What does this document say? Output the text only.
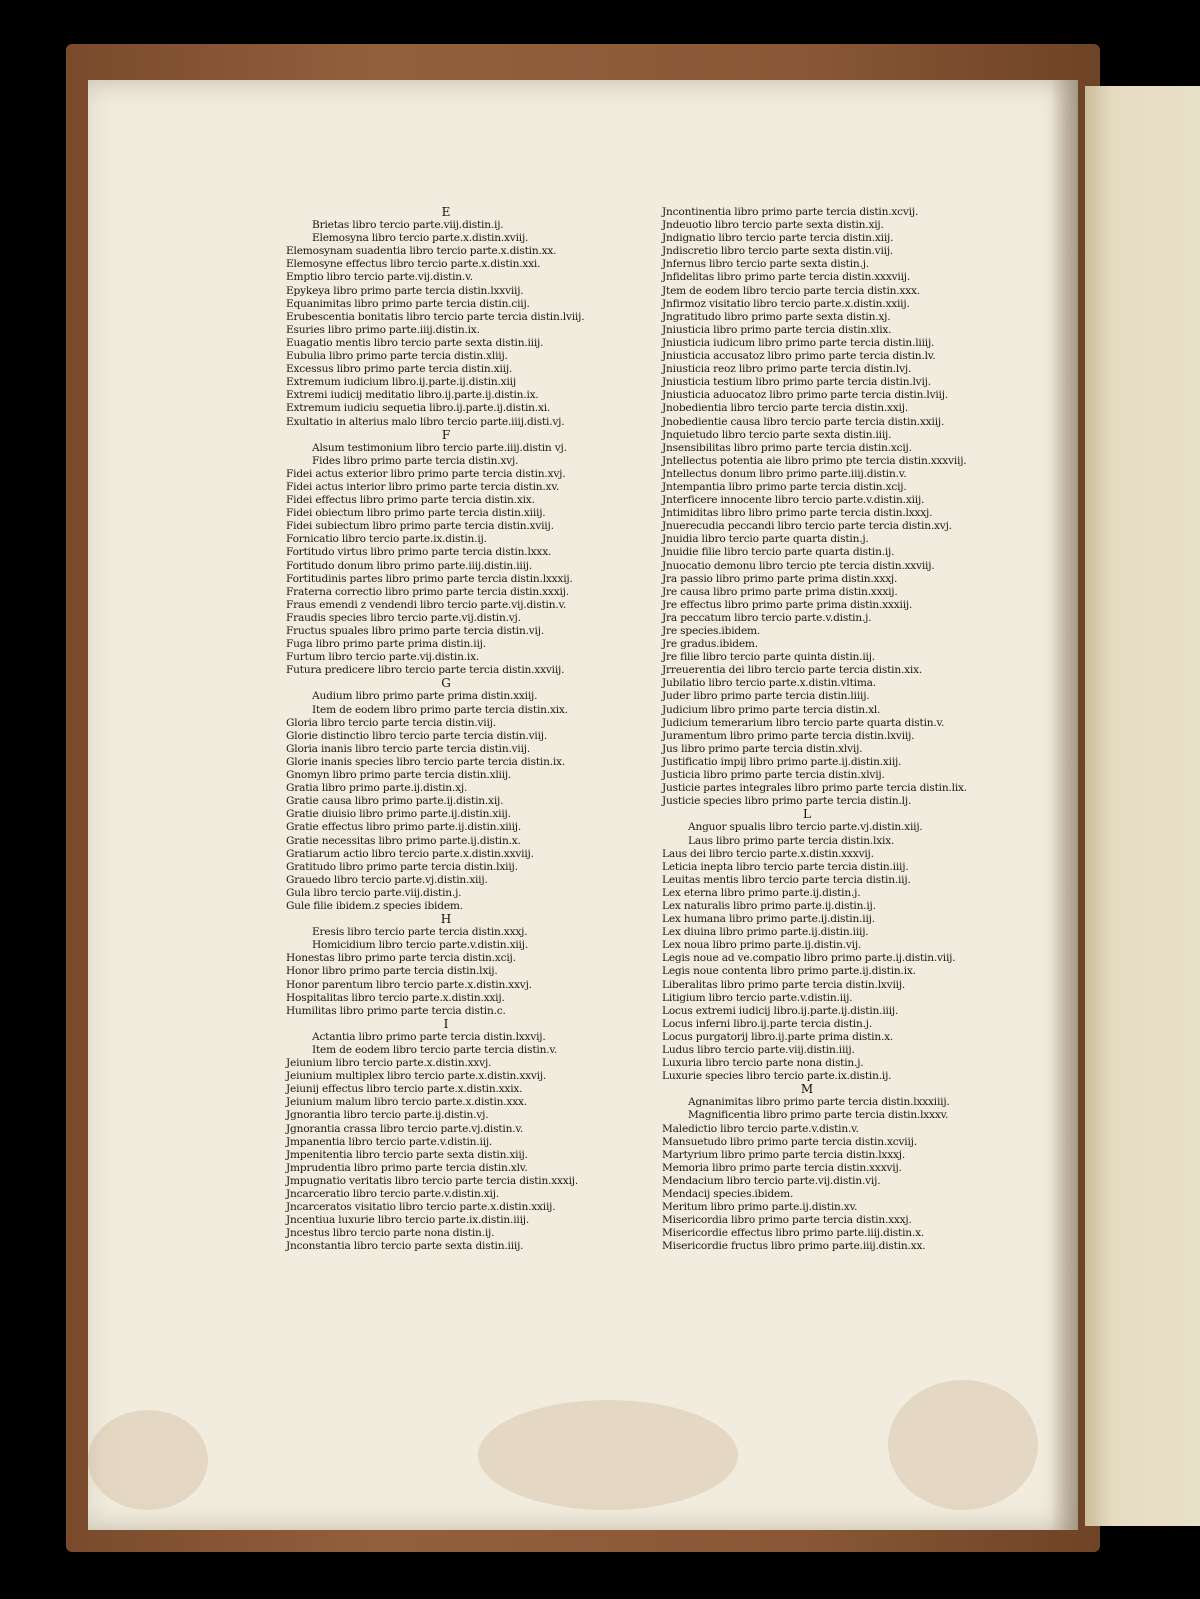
E
Brietas libro tercio parte.viij.distin.ij.
Elemosyna libro tercio parte.x.distin.xviij.
Elemosynam suadentia libro tercio parte.x.distin.xx.
Elemosyne effectus libro tercio parte.x.distin.xxi.
Emptio libro tercio parte.vij.distin.v.
Epykeya libro primo parte tercia distin.lxxviij.
Equanimitas libro primo parte tercia distin.ciij.
Erubescentia bonitatis libro tercio parte tercia distin.lviij.
Esuries libro primo parte.iiij.distin.ix.
Euagatio mentis libro tercio parte sexta distin.iiij.
Eubulia libro primo parte tercia distin.xliij.
Excessus libro primo parte tercia distin.xiij.
Extremum iudicium libro.ij.parte.ij.distin.xiij
Extremi iudicij meditatio libro.ij.parte.ij.distin.ix.
Extremum iudiciu sequetia libro.ij.parte.ij.distin.xi.
Exultatio in alterius malo libro tercio parte.iiij.disti.vj.
F
Alsum testimonium libro tercio parte.iiij.distin vj.
Fides libro primo parte tercia distin.xvj.
Fidei actus exterior libro primo parte tercia distin.xvj.
Fidei actus interior libro primo parte tercia distin.xv.
Fidei effectus libro primo parte tercia distin.xix.
Fidei obiectum libro primo parte tercia distin.xiiij.
Fidei subiectum libro primo parte tercia distin.xviij.
Fornicatio libro tercio parte.ix.distin.ij.
Fortitudo virtus libro primo parte tercia distin.lxxx.
Fortitudo donum libro primo parte.iiij.distin.iiij.
Fortitudinis partes libro primo parte tercia distin.lxxxij.
Fraterna correctio libro primo parte tercia distin.xxxij.
Fraus emendi z vendendi libro tercio parte.vij.distin.v.
Fraudis species libro tercio parte.vij.distin.vj.
Fructus spuales libro primo parte tercia distin.vij.
Fuga libro primo parte prima distin.iij.
Furtum libro tercio parte.vij.distin.ix.
Futura predicere libro tercio parte tercia distin.xxviij.
G
Audium libro primo parte prima distin.xxiij.
Item de eodem libro primo parte tercia distin.xix.
Gloria libro tercio parte tercia distin.viij.
Glorie distinctio libro tercio parte tercia distin.viij.
Gloria inanis libro tercio parte tercia distin.viij.
Glorie inanis species libro tercio parte tercia distin.ix.
Gnomyn libro primo parte tercia distin.xliij.
Gratia libro primo parte.ij.distin.xj.
Gratie causa libro primo parte.ij.distin.xij.
Gratie diuisio libro primo parte.ij.distin.xiij.
Gratie effectus libro primo parte.ij.distin.xiiij.
Gratie necessitas libro primo parte.ij.distin.x.
Gratiarum actio libro tercio parte.x.distin.xxviij.
Gratitudo libro primo parte tercia distin.lxiij.
Grauedo libro tercio parte.vj.distin.xiij.
Gula libro tercio parte.viij.distin.j.
Gule filie ibidem.z species ibidem.
H
Eresis libro tercio parte tercia distin.xxxj.
Homicidium libro tercio parte.v.distin.xiij.
Honestas libro primo parte tercia distin.xcij.
Honor libro primo parte tercia distin.lxij.
Honor parentum libro tercio parte.x.distin.xxvj.
Hospitalitas libro tercio parte.x.distin.xxij.
Humilitas libro primo parte tercia distin.c.
I
Actantia libro primo parte tercia distin.lxxvij.
Item de eodem libro tercio parte tercia distin.v.
Jeiunium libro tercio parte.x.distin.xxvj.
Jeiunium multiplex libro tercio parte.x.distin.xxvij.
Jeiunij effectus libro tercio parte.x.distin.xxix.
Jeiunium malum libro tercio parte.x.distin.xxx.
Jgnorantia libro tercio parte.ij.distin.vj.
Jgnorantia crassa libro tercio parte.vj.distin.v.
Jmpanentia libro tercio parte.v.distin.iij.
Jmpenitentia libro tercio parte sexta distin.xiij.
Jmprudentia libro primo parte tercia distin.xlv.
Jmpugnatio veritatis libro tercio parte tercia distin.xxxij.
Jncarceratio libro tercio parte.v.distin.xij.
Jncarceratos visitatio libro tercio parte.x.distin.xxiij.
Jncentiua luxurie libro tercio parte.ix.distin.iiij.
Jncestus libro tercio parte nona distin.ij.
Jnconstantia libro tercio parte sexta distin.iiij.
Jncontinentia libro primo parte tercia distin.xcvij.
Jndeuotio libro tercio parte sexta distin.xij.
Jndignatio libro tercio parte tercia distin.xiij.
Jndiscretio libro tercio parte sexta distin.viij.
Jnfernus libro tercio parte sexta distin.j.
Jnfidelitas libro primo parte tercia distin.xxxviij.
Jtem de eodem libro tercio parte tercia distin.xxx.
Jnfirmoz visitatio libro tercio parte.x.distin.xxiij.
Jngratitudo libro primo parte sexta distin.xj.
Jniusticia libro primo parte tercia distin.xlix.
Jniusticia iudicum libro primo parte tercia distin.liiij.
Jniusticia accusatoz libro primo parte tercia distin.lv.
Jniusticia reoz libro primo parte tercia distin.lvj.
Jniusticia testium libro primo parte tercia distin.lvij.
Jniusticia aduocatoz libro primo parte tercia distin.lviij.
Jnobedientia libro tercio parte tercia distin.xxij.
Jnobedientie causa libro tercio parte tercia distin.xxiij.
Jnquietudo libro tercio parte sexta distin.iiij.
Jnsensibilitas libro primo parte tercia distin.xcij.
Jntellectus potentia aie libro primo pte tercia distin.xxxviij.
Jntellectus donum libro primo parte.iiij.distin.v.
Jntempantia libro primo parte tercia distin.xcij.
Jnterficere innocente libro tercio parte.v.distin.xiij.
Jntimiditas libro libro primo parte tercia distin.lxxxj.
Jnuerecudia peccandi libro tercio parte tercia distin.xvj.
Jnuidia libro tercio parte quarta distin.j.
Jnuidie filie libro tercio parte quarta distin.ij.
Jnuocatio demonu libro tercio pte tercia distin.xxviij.
Jra passio libro primo parte prima distin.xxxj.
Jre causa libro primo parte prima distin.xxxij.
Jre effectus libro primo parte prima distin.xxxiij.
Jra peccatum libro tercio parte.v.distin.j.
Jre species.ibidem.
Jre gradus.ibidem.
Jre filie libro tercio parte quinta distin.iij.
Jrreuerentia dei libro tercio parte tercia distin.xix.
Jubilatio libro tercio parte.x.distin.vltima.
Juder libro primo parte tercia distin.liiij.
Judicium libro primo parte tercia distin.xl.
Judicium temerarium libro tercio parte quarta distin.v.
Juramentum libro primo parte tercia distin.lxviij.
Jus libro primo parte tercia distin.xlvij.
Justificatio impij libro primo parte.ij.distin.xiij.
Justicia libro primo parte tercia distin.xlvij.
Justicie partes integrales libro primo parte tercia distin.lix.
Justicie species libro primo parte tercia distin.lj.
L
Anguor spualis libro tercio parte.vj.distin.xiij.
Laus libro primo parte tercia distin.lxix.
Laus dei libro tercio parte.x.distin.xxxvij.
Leticia inepta libro tercio parte tercia distin.iiij.
Leuitas mentis libro tercio parte tercia distin.iij.
Lex eterna libro primo parte.ij.distin.j.
Lex naturalis libro primo parte.ij.distin.ij.
Lex humana libro primo parte.ij.distin.iij.
Lex diuina libro primo parte.ij.distin.iiij.
Lex noua libro primo parte.ij.distin.vij.
Legis noue ad ve.compatio libro primo parte.ij.distin.viij.
Legis noue contenta libro primo parte.ij.distin.ix.
Liberalitas libro primo parte tercia distin.lxviij.
Litigium libro tercio parte.v.distin.iij.
Locus extremi iudicij libro.ij.parte.ij.distin.iiij.
Locus inferni libro.ij.parte tercia distin.j.
Locus purgatorij libro.ij.parte prima distin.x.
Ludus libro tercio parte.viij.distin.iiij.
Luxuria libro tercio parte nona distin.j.
Luxurie species libro tercio parte.ix.distin.ij.
M
Agnanimitas libro primo parte tercia distin.lxxxiiij.
Magnificentia libro primo parte tercia distin.lxxxv.
Maledictio libro tercio parte.v.distin.v.
Mansuetudo libro primo parte tercia distin.xcviij.
Martyrium libro primo parte tercia distin.lxxxj.
Memoria libro primo parte tercia distin.xxxvij.
Mendacium libro tercio parte.vij.distin.vij.
Mendacij species.ibidem.
Meritum libro primo parte.ij.distin.xv.
Misericordia libro primo parte tercia distin.xxxj.
Misericordie effectus libro primo parte.iiij.distin.x.
Misericordie fructus libro primo parte.iiij.distin.xx.
